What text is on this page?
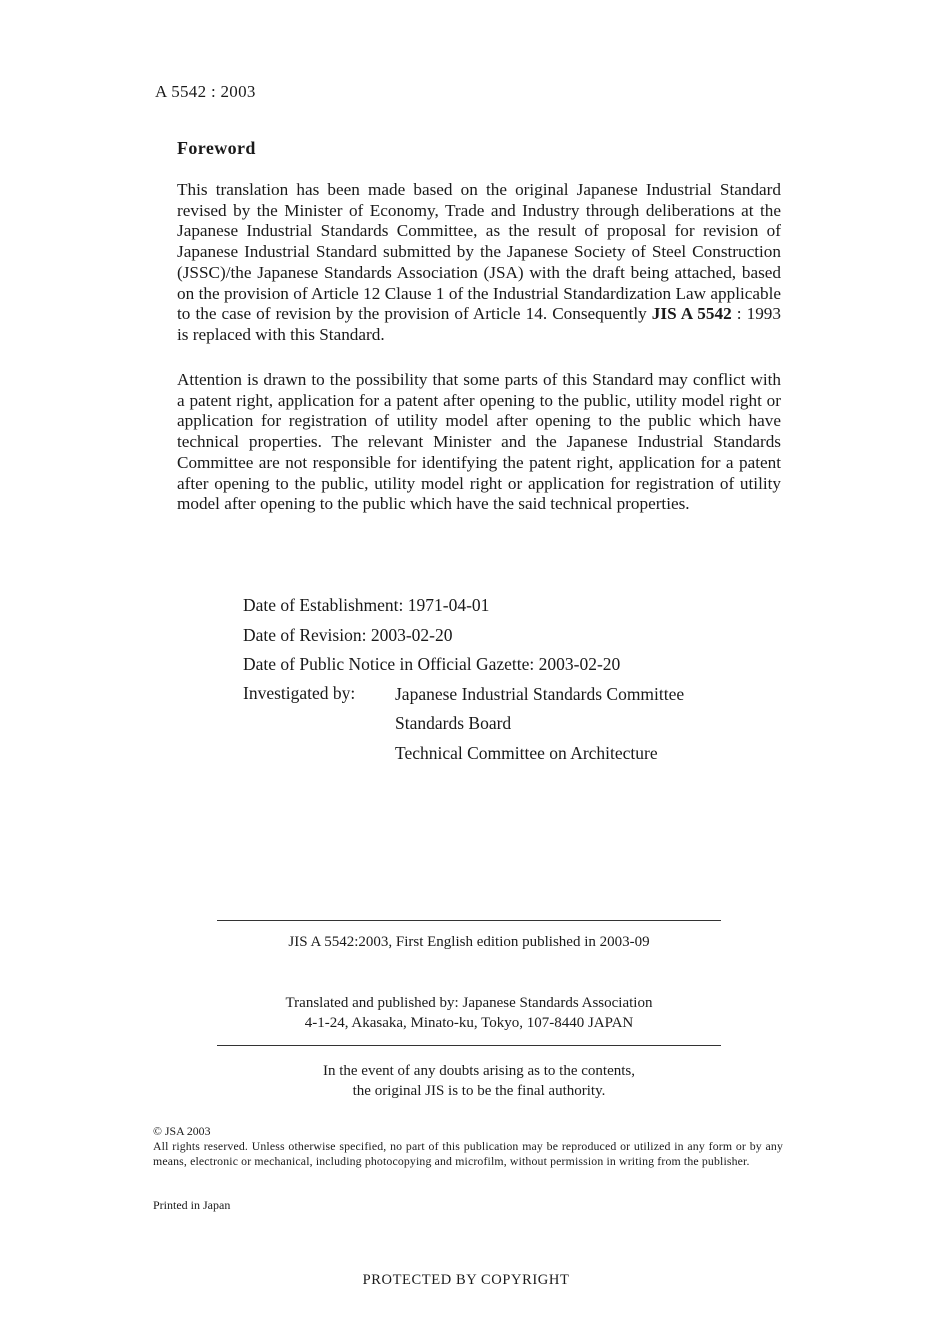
A 5542 : 2003
Foreword
This translation has been made based on the original Japanese Industrial Standard revised by the Minister of Economy, Trade and Industry through deliberations at the Japanese Industrial Standards Committee, as the result of proposal for revision of Japanese Industrial Standard submitted by the Japanese Society of Steel Construction (JSSC)/the Japanese Standards Association (JSA) with the draft being attached, based on the provision of Article 12 Clause 1 of the Industrial Standardization Law applicable to the case of revision by the provision of Article 14. Consequently JIS A 5542 : 1993 is replaced with this Standard.
Attention is drawn to the possibility that some parts of this Standard may conflict with a patent right, application for a patent after opening to the public, utility model right or application for registration of utility model after opening to the public which have technical properties. The relevant Minister and the Japanese Industrial Standards Committee are not responsible for identifying the patent right, application for a patent after opening to the public, utility model right or application for registration of utility model after opening to the public which have the said technical properties.
Date of Establishment: 1971-04-01
Date of Revision: 2003-02-20
Date of Public Notice in Official Gazette: 2003-02-20
Investigated by:	Japanese Industrial Standards Committee
Standards Board
Technical Committee on Architecture
JIS A 5542:2003, First English edition published in 2003-09
Translated and published by: Japanese Standards Association
4-1-24, Akasaka, Minato-ku, Tokyo, 107-8440 JAPAN
In the event of any doubts arising as to the contents,
the original JIS is to be the final authority.
© JSA 2003
All rights reserved. Unless otherwise specified, no part of this publication may be reproduced or utilized in any form or by any means, electronic or mechanical, including photocopying and microfilm, without permission in writing from the publisher.
Printed in Japan
PROTECTED BY COPYRIGHT
